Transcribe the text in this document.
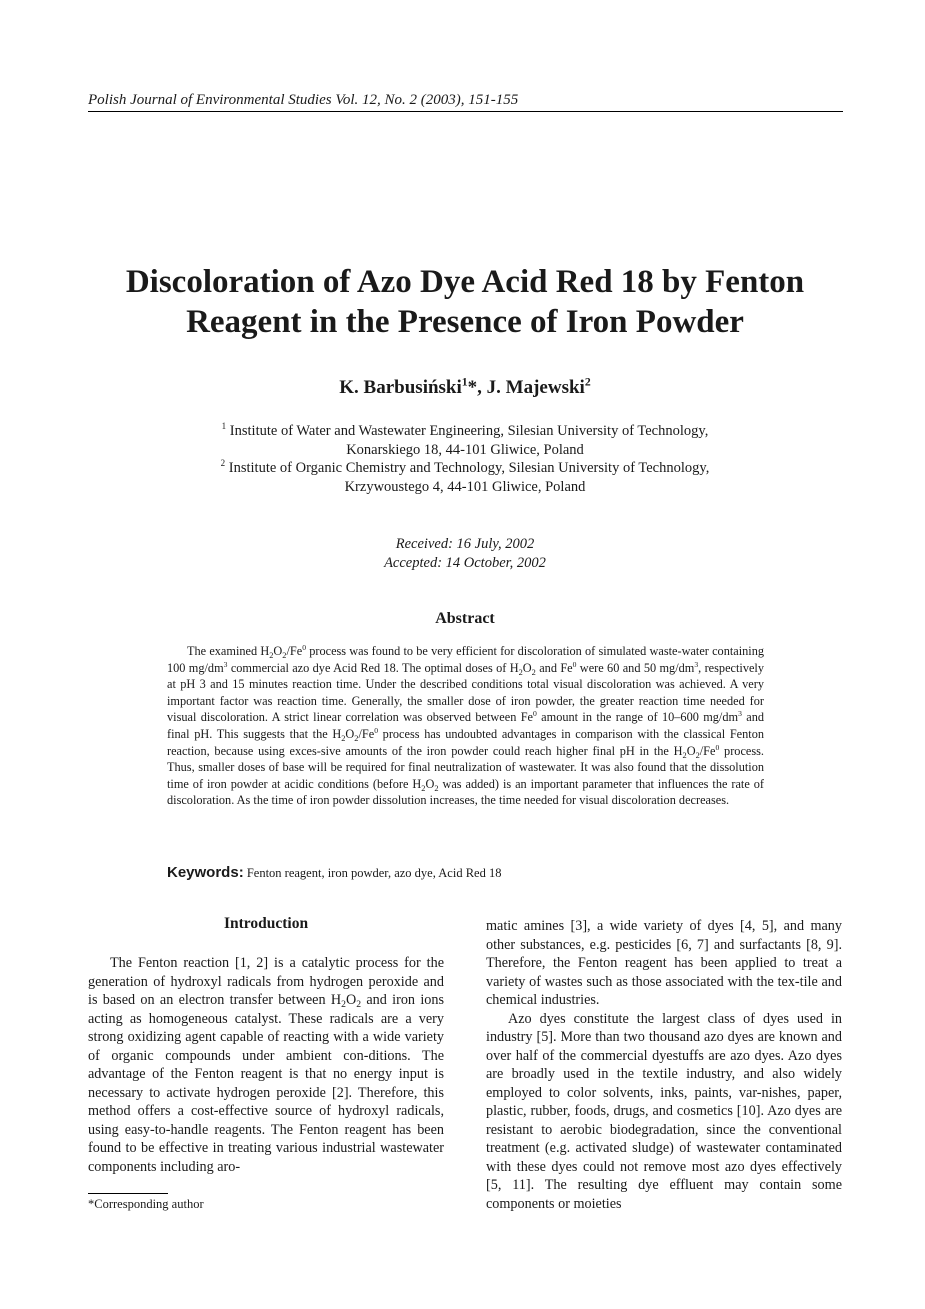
Polish Journal of Environmental Studies Vol. 12, No. 2 (2003), 151-155
Discoloration of Azo Dye Acid Red 18 by Fenton
Reagent in the Presence of Iron Powder
K. Barbusiński$^1$*, J. Majewski$^2$
$^1$ Institute of Water and Wastewater Engineering, Silesian University of Technology,
Konarskiego 18, 44-101 Gliwice, Poland
$^2$ Institute of Organic Chemistry and Technology, Silesian University of Technology,
Krzywoustego 4, 44-101 Gliwice, Poland
Received: 16 July, 2002
Accepted: 14 October, 2002
Abstract
The examined $H_2O_2/Fe^0$ process was found to be very efficient for discoloration of simulated waste-water containing 100 $mg/dm^3$ commercial azo dye Acid Red 18. The optimal doses of $H_2O_2$ and Fe$^0$ were 60 and 50 $mg/dm^3$, respectively at pH 3 and 15 minutes reaction time. Under the described conditions total visual discoloration was achieved. A very important factor was reaction time. Generally, the smaller dose of iron powder, the greater reaction time needed for visual discoloration. A strict linear correlation was observed between Fe$^0$ amount in the range of 10–600 $mg/dm^3$ and final pH. This suggests that the $H_2O_2/Fe^0$ process has undoubted advantages in comparison with the classical Fenton reaction, because using exces-sive amounts of the iron powder could reach higher final pH in the $H_2O_2/Fe^0$ process. Thus, smaller doses of base will be required for final neutralization of wastewater. It was also found that the dissolution time of iron powder at acidic conditions (before $H_2O_2$ was added) is an important parameter that influences the rate of discoloration. As the time of iron powder dissolution increases, the time needed for visual discoloration decreases.
Keywords: Fenton reagent, iron powder, azo dye, Acid Red 18
Introduction

The Fenton reaction [1, 2] is a catalytic process for the generation of hydroxyl radicals from hydrogen peroxide and is based on an electron transfer between $H_2O_2$ and iron ions acting as homogeneous catalyst. These radicals are a very strong oxidizing agent capable of reacting with a wide variety of organic compounds under ambient con-ditions. The advantage of the Fenton reagent is that no energy input is necessary to activate hydrogen peroxide [2]. Therefore, this method offers a cost-effective source of hydroxyl radicals, using easy-to-handle reagents. The Fenton reagent has been found to be effective in treating various industrial wastewater components including aro-

matic amines [3], a wide variety of dyes [4, 5], and many other substances, e.g. pesticides [6, 7] and surfactants [8, 9]. Therefore, the Fenton reagent has been applied to treat a variety of wastes such as those associated with the tex-tile and chemical industries.

Azo dyes constitute the largest class of dyes used in industry [5]. More than two thousand azo dyes are known and over half of the commercial dyestuffs are azo dyes. Azo dyes are broadly used in the textile industry, and also widely employed to color solvents, inks, paints, var-nishes, paper, plastic, rubber, foods, drugs, and cosmetics [10]. Azo dyes are resistant to aerobic biodegradation, since the conventional treatment (e.g. activated sludge) of wastewater contaminated with these dyes could not remove most azo dyes effectively [5, 11]. The resulting dye effluent may contain some components or moieties

*Corresponding author
